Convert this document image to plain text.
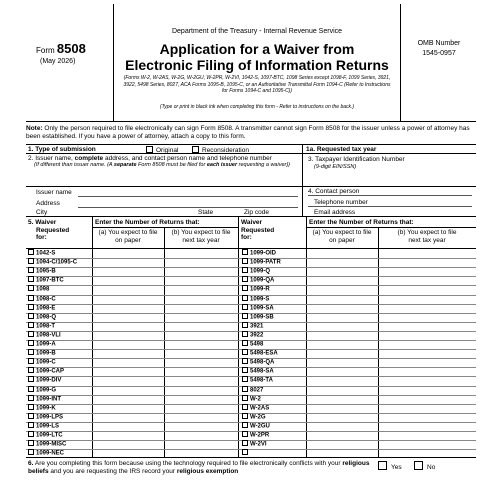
Form 8508
(May 2026)
Department of the Treasury - Internal Revenue Service
Application for a Waiver from
Electronic Filing of Information Returns
(Forms W-2, W-2AS, W-2G, W-2GU, W-2PR, W-2VI, 1042-S, 1097-BTC, 1098 Series except 1098-F, 1099 Series, 3921, 3922, 5498 Series, 8027, ACA Forms 1095-B, 1095-C, or an Authoritative Transmittal Form 1094-C (Refer to Instructions for Forms 1094-C and 1095-C))
(Type or print in black ink when completing this form - Refer to instructions on the back.)
OMB Number
1545-0957
Note: Only the person required to file electronically can sign Form 8508. A transmitter cannot sign Form 8508 for the issuer unless a power of attorney has been established. If you have a power of attorney, attach a copy to this form.
1. Type of submission	Original	Reconsideration	1a. Requested tax year
2. Issuer name, complete address, and contact person name and telephone number
(If different than issuer name. (A separate Form 8508 must be filed for each issuer requesting a waiver))
3. Taxpayer Identification Number
(9-digit EIN/SSN)
Issuer name
Address
City	State	Zip code
4. Contact person
Telephone number
Email address
5. Waiver
Requested
for:
Enter the Number of Returns that:
(a) You expect to file
on paper
(b) You expect to file
next tax year
Waiver
Requested
for:
Enter the Number of Returns that:
(a) You expect to file
on paper
(b) You expect to file
next tax year
1042-S	1099-OID
1094-C/1095-C	1099-PATR
1095-B	1099-Q
1097-BTC	1099-QA
1098	1099-R
1098-C	1099-S
1098-E	1099-SA
1098-Q	1099-SB
1098-T	3921
1098-VLI	3922
1099-A	5498
1099-B	5498-ESA
1099-C	5498-QA
1099-CAP	5498-SA
1099-DIV	5498-TA
1099-G	8027
1099-INT	W-2
1099-K	W-2AS
1099-LPS	W-2G
1099-LS	W-2GU
1099-LTC	W-2PR
1099-MISC	W-2VI
1099-NEC
6. Are you completing this form because using the technology required to file electronically conflicts with your religious beliefs and you are requesting the IRS record your religious exemption
Yes	No
